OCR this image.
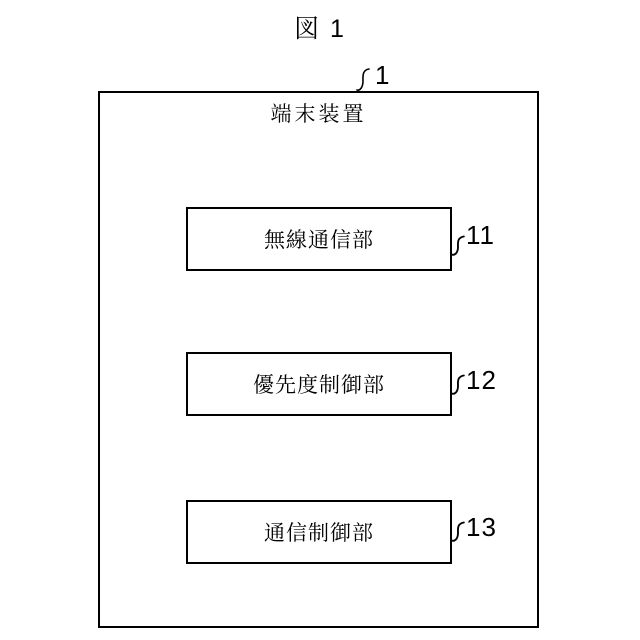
図 1
端末装置
1
無線通信部	11
優先度制御部	12
通信制御部	13
